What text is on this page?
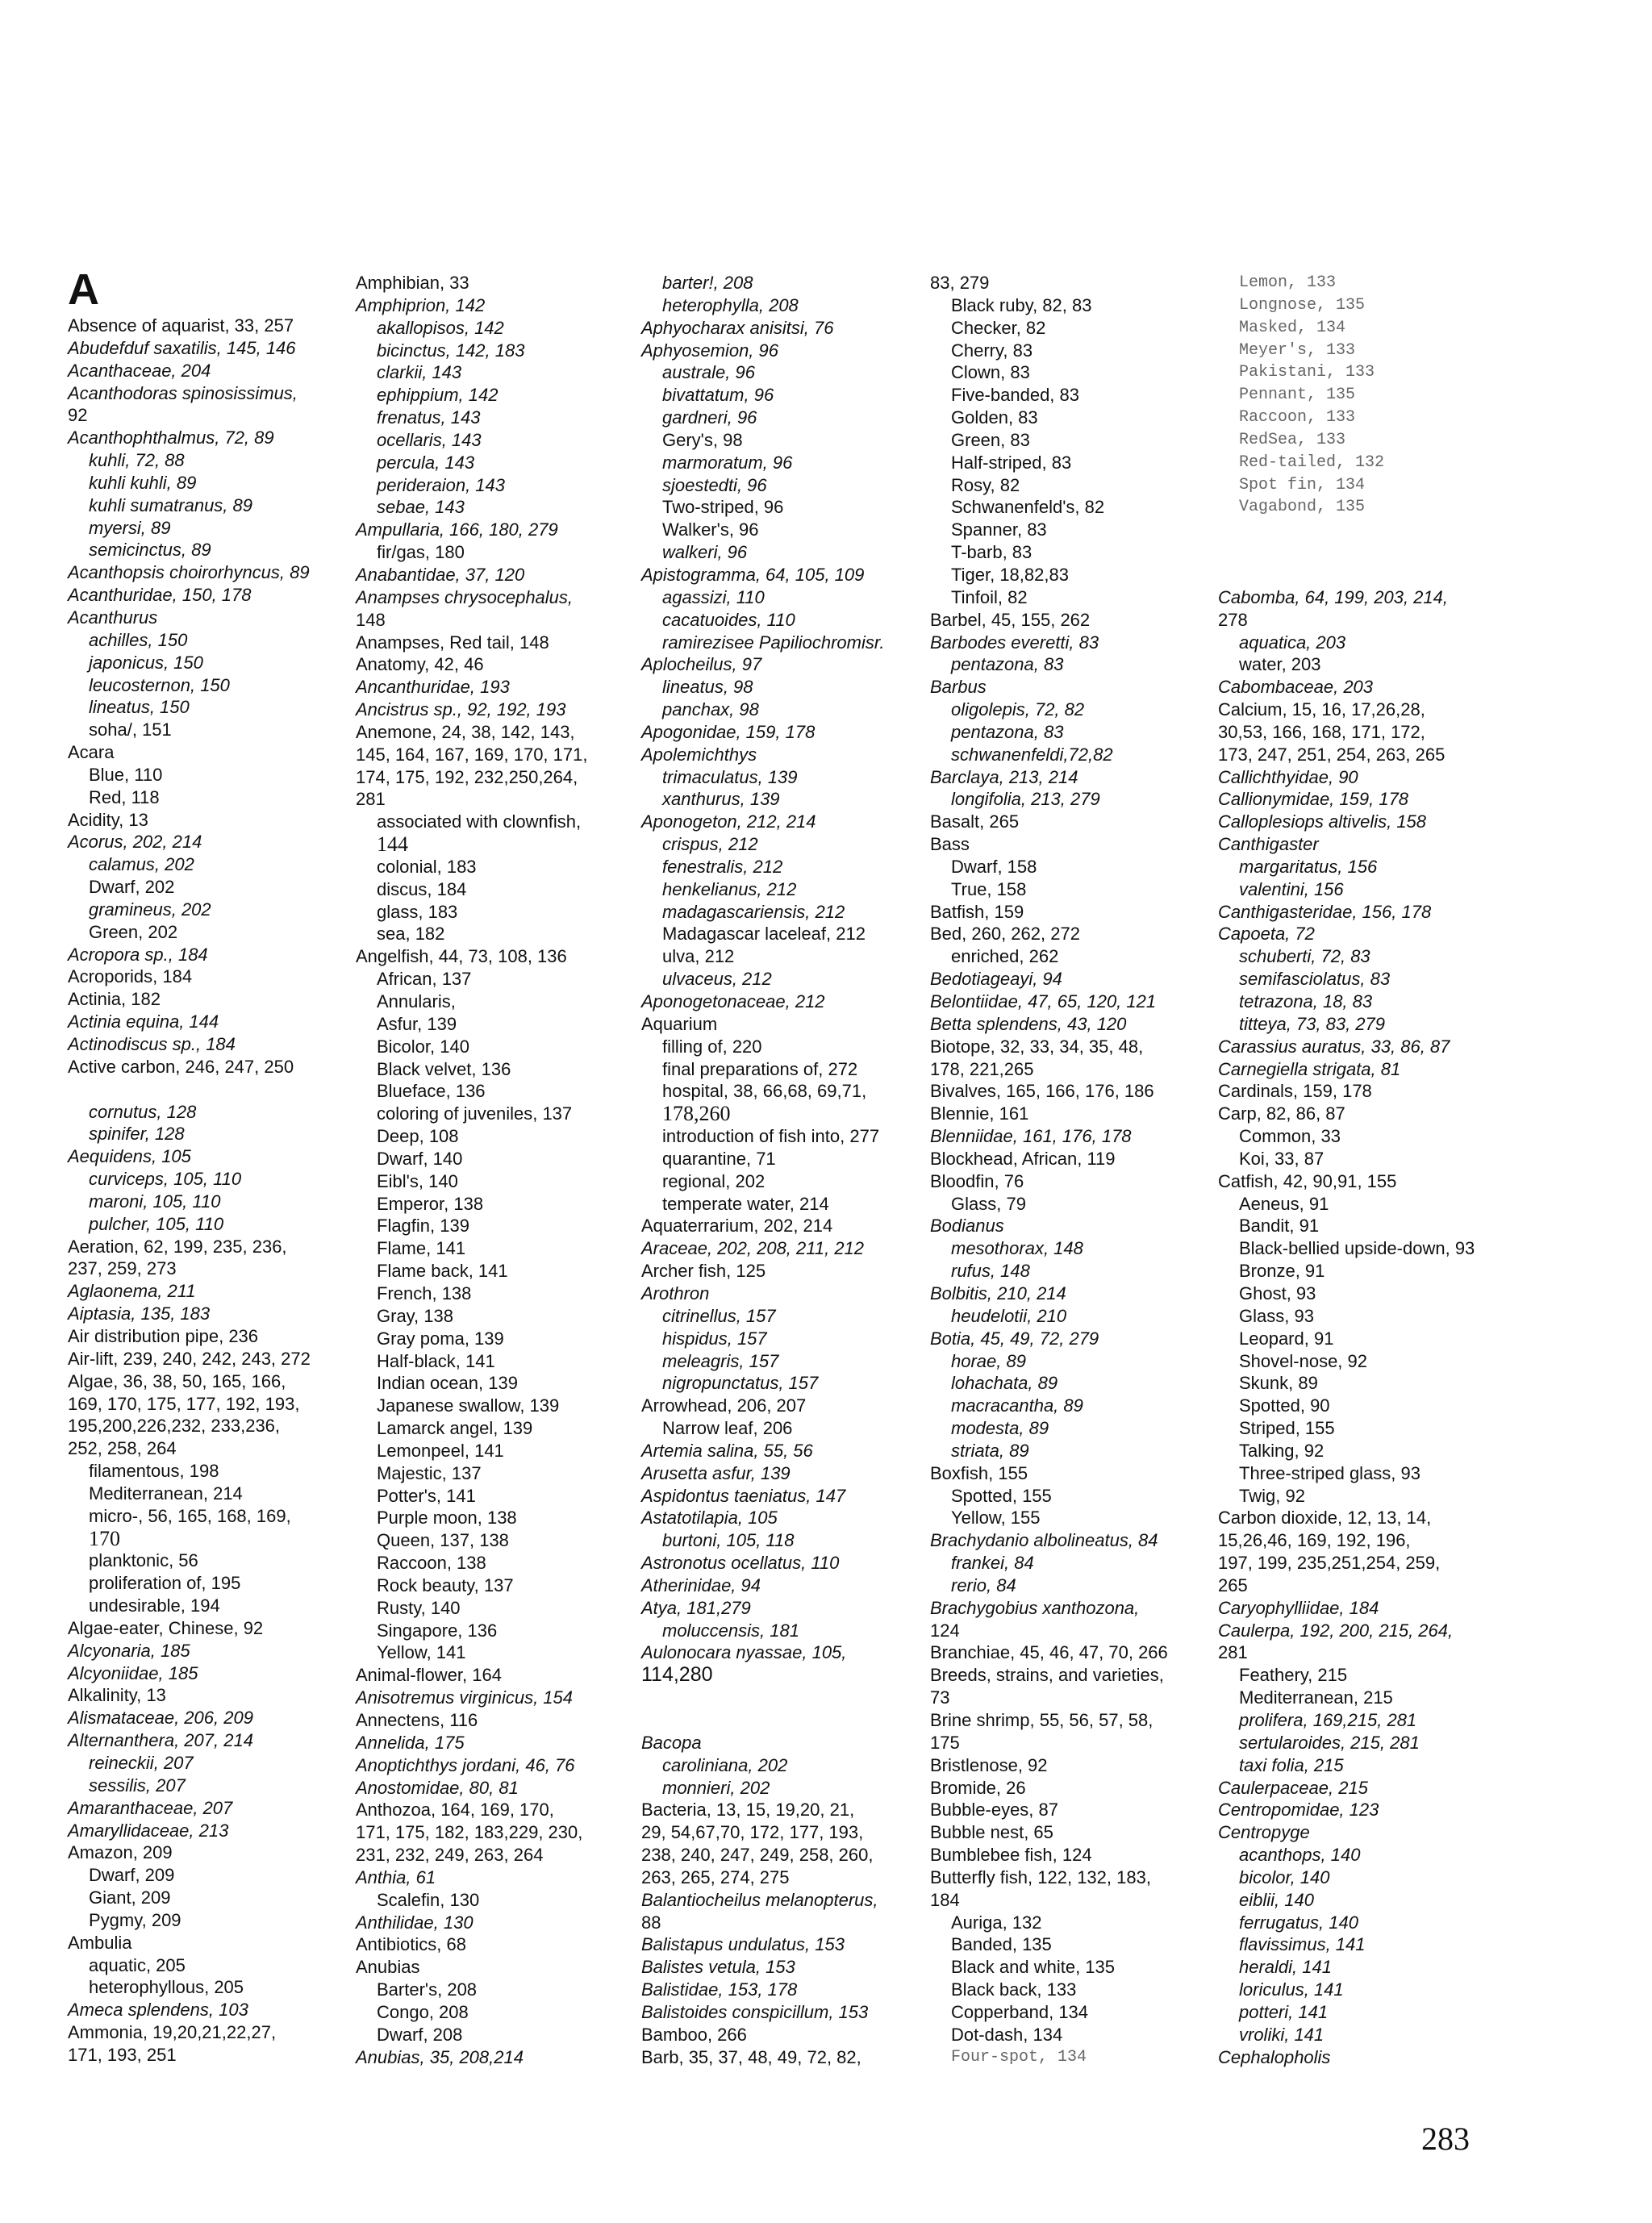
A
Absence of aquarist, 33, 257
Abudefduf saxatilis, 145, 146
Acanthaceae, 204
Acanthodoras spinosissimus,
92
Acanthophthalmus, 72, 89
kuhli, 72, 88
kuhli kuhli, 89
kuhli sumatranus, 89
myersi, 89
semicinctus, 89
Acanthopsis choirorhyncus, 89
Acanthuridae, 150, 178
Acanthurus
achilles, 150
japonicus, 150
leucosternon, 150
lineatus, 150
soha/, 151
Acara
Blue, 110
Red, 118
Acidity, 13
Acorus, 202, 214
calamus, 202
Dwarf, 202
gramineus, 202
Green, 202
Acropora sp., 184
Acroporids, 184
Actinia, 182
Actinia equina, 144
Actinodiscus sp., 184
Active carbon, 246, 247, 250

cornutus, 128
spinifer, 128
Aequidens, 105
curviceps, 105, 110
maroni, 105, 110
pulcher, 105, 110
Aeration, 62, 199, 235, 236,
237, 259, 273
Aglaonema, 211
Aiptasia, 135, 183
Air distribution pipe, 236
Air-lift, 239, 240, 242, 243, 272
Algae, 36, 38, 50, 165, 166,
169, 170, 175, 177, 192, 193,
195,200,226,232, 233,236,
252, 258, 264
filamentous, 198
Mediterranean, 214
micro-, 56, 165, 168, 169,
170
planktonic, 56
proliferation of, 195
undesirable, 194
Algae-eater, Chinese, 92
Alcyonaria, 185
Alcyoniidae, 185
Alkalinity, 13
Alismataceae, 206, 209
Alternanthera, 207, 214
reineckii, 207
sessilis, 207
Amaranthaceae, 207
Amaryllidaceae, 213
Amazon, 209
Dwarf, 209
Giant, 209
Pygmy, 209
Ambulia
aquatic, 205
heterophyllous, 205
Ameca splendens, 103
Ammonia, 19,20,21,22,27,
171, 193, 251
Amphibian, 33
Amphiprion, 142
akallopisos, 142
bicinctus, 142, 183
clarkii, 143
ephippium, 142
frenatus, 143
ocellaris, 143
percula, 143
perideraion, 143
sebae, 143
Ampullaria, 166, 180, 279
fir/gas, 180
Anabantidae, 37, 120
Anampses chrysocephalus,
148
Anampses, Red tail, 148
Anatomy, 42, 46
Ancanthuridae, 193
Ancistrus sp., 92, 192, 193
Anemone, 24, 38, 142, 143,
145, 164, 167, 169, 170, 171,
174, 175, 192, 232,250,264,
281
associated with clownfish,
144
colonial, 183
discus, 184
glass, 183
sea, 182
Angelfish, 44, 73, 108, 136
African, 137
Annularis,
Asfur, 139
Bicolor, 140
Black velvet, 136
Blueface, 136
coloring of juveniles, 137
Deep, 108
Dwarf, 140
Eibl's, 140
Emperor, 138
Flagfin, 139
Flame, 141
Flame back, 141
French, 138
Gray, 138
Gray poma, 139
Half-black, 141
Indian ocean, 139
Japanese swallow, 139
Lamarck angel, 139
Lemonpeel, 141
Majestic, 137
Potter's, 141
Purple moon, 138
Queen, 137, 138
Raccoon, 138
Rock beauty, 137
Rusty, 140
Singapore, 136
Yellow, 141
Animal-flower, 164
Anisotremus virginicus, 154
Annectens, 116
Annelida, 175
Anoptichthys jordani, 46, 76
Anostomidae, 80, 81
Anthozoa, 164, 169, 170,
171, 175, 182, 183,229, 230,
231, 232, 249, 263, 264
Anthia, 61
Scalefin, 130
Anthilidae, 130
Antibiotics, 68
Anubias
Barter's, 208
Congo, 208
Dwarf, 208
Anubias, 35, 208,214
barter!, 208
heterophylla, 208
Aphyocharax anisitsi, 76
Aphyosemion, 96
australe, 96
bivattatum, 96
gardneri, 96
Gery's, 98
marmoratum, 96
sjoestedti, 96
Two-striped, 96
Walker's, 96
walkeri, 96
Apistogramma, 64, 105, 109
agassizi, 110
cacatuoides, 110
ramirezisee Papiliochromisr.
Aplocheilus, 97
lineatus, 98
panchax, 98
Apogonidae, 159, 178
Apolemichthys
trimaculatus, 139
xanthurus, 139
Aponogeton, 212, 214
crispus, 212
fenestralis, 212
henkelianus, 212
madagascariensis, 212
Madagascar laceleaf, 212
ulva, 212
ulvaceus, 212
Aponogetonaceae, 212
Aquarium
filling of, 220
final preparations of, 272
hospital, 38, 66,68, 69,71,
178,260
introduction of fish into, 277
quarantine, 71
regional, 202
temperate water, 214
Aquaterrarium, 202, 214
Araceae, 202, 208, 211, 212
Archer fish, 125
Arothron
citrinellus, 157
hispidus, 157
meleagris, 157
nigropunctatus, 157
Arrowhead, 206, 207
Narrow leaf, 206
Artemia salina, 55, 56
Arusetta asfur, 139
Aspidontus taeniatus, 147
Astatotilapia, 105
burtoni, 105, 118
Astronotus ocellatus, 110
Atherinidae, 94
Atya, 181,279
moluccensis, 181
Aulonocara nyassae, 105,
114,280

Bacopa
caroliniana, 202
monnieri, 202
Bacteria, 13, 15, 19,20, 21,
29, 54,67,70, 172, 177, 193,
238, 240, 247, 249, 258, 260,
263, 265, 274, 275
Balantiocheilus melanopterus,
88
Balistapus undulatus, 153
Balistes vetula, 153
Balistidae, 153, 178
Balistoides conspicillum, 153
Bamboo, 266
Barb, 35, 37, 48, 49, 72, 82,
83, 279
Black ruby, 82, 83
Checker, 82
Cherry, 83
Clown, 83
Five-banded, 83
Golden, 83
Green, 83
Half-striped, 83
Rosy, 82
Schwanenfeld's, 82
Spanner, 83
T-barb, 83
Tiger, 18,82,83
Tinfoil, 82
Barbel, 45, 155, 262
Barbodes everetti, 83
pentazona, 83
Barbus
oligolepis, 72, 82
pentazona, 83
schwanenfeldi,72,82
Barclaya, 213, 214
longifolia, 213, 279
Basalt, 265
Bass
Dwarf, 158
True, 158
Batfish, 159
Bed, 260, 262, 272
enriched, 262
Bedotiageayi, 94
Belontiidae, 47, 65, 120, 121
Betta splendens, 43, 120
Biotope, 32, 33, 34, 35, 48,
178, 221,265
Bivalves, 165, 166, 176, 186
Blennie, 161
Blenniidae, 161, 176, 178
Blockhead, African, 119
Bloodfin, 76
Glass, 79
Bodianus
mesothorax, 148
rufus, 148
Bolbitis, 210, 214
heudelotii, 210
Botia, 45, 49, 72, 279
horae, 89
lohachata, 89
macracantha, 89
modesta, 89
striata, 89
Boxfish, 155
Spotted, 155
Yellow, 155
Brachydanio albolineatus, 84
frankei, 84
rerio, 84
Brachygobius xanthozona,
124
Branchiae, 45, 46, 47, 70, 266
Breeds, strains, and varieties,
73
Brine shrimp, 55, 56, 57, 58,
175
Bristlenose, 92
Bromide, 26
Bubble-eyes, 87
Bubble nest, 65
Bumblebee fish, 124
Butterfly fish, 122, 132, 183,
184
Auriga, 132
Banded, 135
Black and white, 135
Black back, 133
Copperband, 134
Dot-dash, 134
Four-spot, 134
Lemon, 133
Longnose, 135
Masked, 134
Meyer's, 133
Pakistani, 133
Pennant, 135
Raccoon, 133
RedSea, 133
Red-tailed, 132
Spot fin, 134
Vagabond, 135

Cabomba, 64, 199, 203, 214,
278
aquatica, 203
water, 203
Cabombaceae, 203
Calcium, 15, 16, 17,26,28,
30,53, 166, 168, 171, 172,
173, 247, 251, 254, 263, 265
Callichthyidae, 90
Callionymidae, 159, 178
Calloplesiops altivelis, 158
Canthigaster
margaritatus, 156
valentini, 156
Canthigasteridae, 156, 178
Capoeta, 72
schuberti, 72, 83
semifasciolatus, 83
tetrazona, 18, 83
titteya, 73, 83, 279
Carassius auratus, 33, 86, 87
Carnegiella strigata, 81
Cardinals, 159, 178
Carp, 82, 86, 87
Common, 33
Koi, 33, 87
Catfish, 42, 90,91, 155
Aeneus, 91
Bandit, 91
Black-bellied upside-down, 93
Bronze, 91
Ghost, 93
Glass, 93
Leopard, 91
Shovel-nose, 92
Skunk, 89
Spotted, 90
Striped, 155
Talking, 92
Three-striped glass, 93
Twig, 92
Carbon dioxide, 12, 13, 14,
15,26,46, 169, 192, 196,
197, 199, 235,251,254, 259,
265
Caryophylliidae, 184
Caulerpa, 192, 200, 215, 264,
281
Feathery, 215
Mediterranean, 215
prolifera, 169,215, 281
sertularoides, 215, 281
taxi folia, 215
Caulerpaceae, 215
Centropomidae, 123
Centropyge
acanthops, 140
bicolor, 140
eiblii, 140
ferrugatus, 140
flavissimus, 141
heraldi, 141
loriculus, 141
potteri, 141
vroliki, 141
Cephalopholis
283
